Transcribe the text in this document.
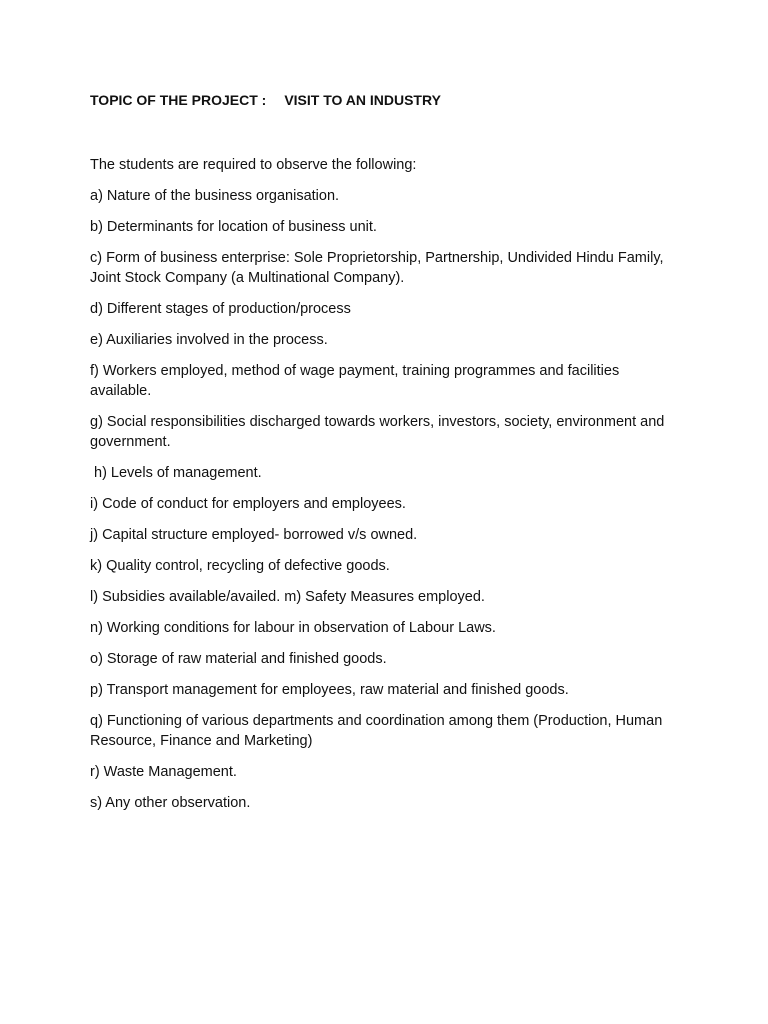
TOPIC OF THE PROJECT : VISIT TO AN INDUSTRY

The students are required to observe the following:

a) Nature of the business organisation.

b) Determinants for location of business unit.

c) Form of business enterprise: Sole Proprietorship, Partnership, Undivided Hindu Family, Joint Stock Company (a Multinational Company).

d) Different stages of production/process

e) Auxiliaries involved in the process.

f) Workers employed, method of wage payment, training programmes and facilities available.

g) Social responsibilities discharged towards workers, investors, society, environment and government.

h) Levels of management.

i) Code of conduct for employers and employees.

j) Capital structure employed- borrowed v/s owned.

k) Quality control, recycling of defective goods.

l) Subsidies available/availed. m) Safety Measures employed.

n) Working conditions for labour in observation of Labour Laws.

o) Storage of raw material and finished goods.

p) Transport management for employees, raw material and finished goods.

q) Functioning of various departments and coordination among them (Production, Human Resource, Finance and Marketing)

r) Waste Management.

s) Any other observation.
